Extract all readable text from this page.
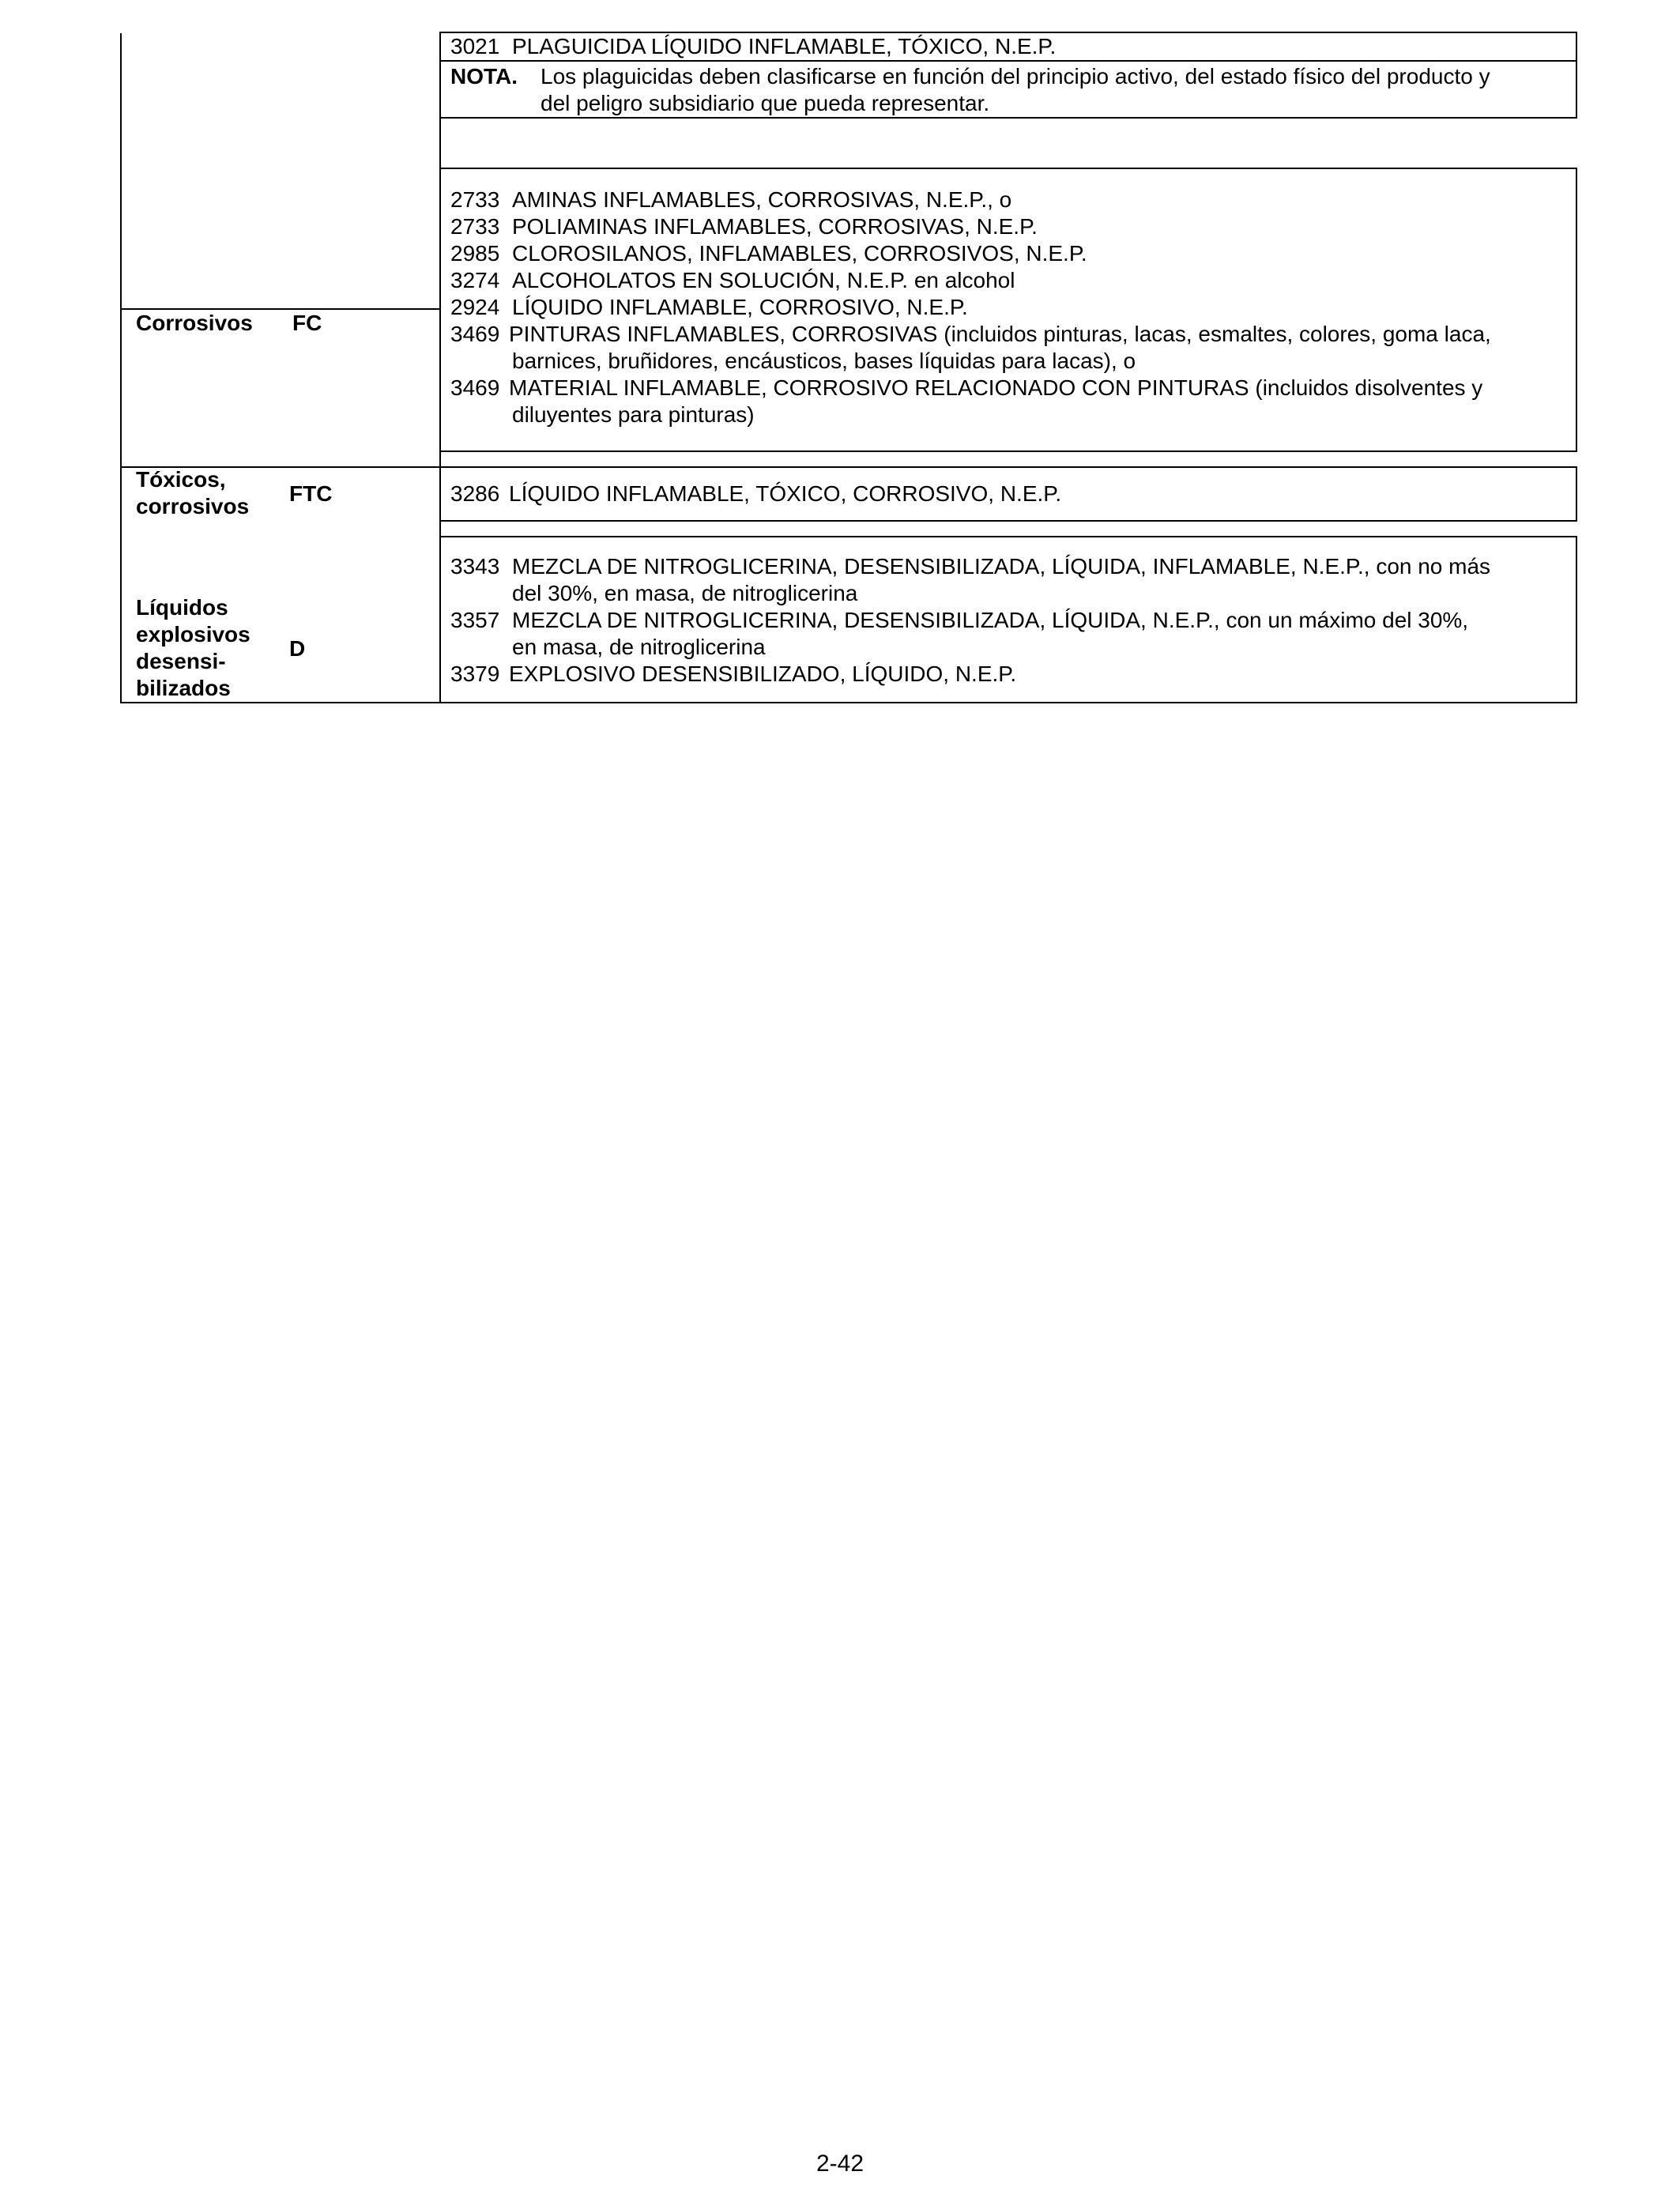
3021 PLAGUICIDA LÍQUIDO INFLAMABLE, TÓXICO, N.E.P.
NOTA. Los plaguicidas deben clasificarse en función del principio activo, del estado físico del producto y
del peligro subsidiario que pueda representar.
2733 AMINAS INFLAMABLES, CORROSIVAS, N.E.P., o
2733 POLIAMINAS INFLAMABLES, CORROSIVAS, N.E.P.
2985 CLOROSILANOS, INFLAMABLES, CORROSIVOS, N.E.P.
3274 ALCOHOLATOS EN SOLUCIÓN, N.E.P. en alcohol
2924 LÍQUIDO INFLAMABLE, CORROSIVO, N.E.P.
3469 PINTURAS INFLAMABLES, CORROSIVAS (incluidos pinturas, lacas, esmaltes, colores, goma laca,
barnices, bruñidores, encáusticos, bases líquidas para lacas), o
3469 MATERIAL INFLAMABLE, CORROSIVO RELACIONADO CON PINTURAS (incluidos disolventes y
diluyentes para pinturas)
Corrosivos FC
3286 LÍQUIDO INFLAMABLE, TÓXICO, CORROSIVO, N.E.P.
Tóxicos,
corrosivos
FTC
3343 MEZCLA DE NITROGLICERINA, DESENSIBILIZADA, LÍQUIDA, INFLAMABLE, N.E.P., con no más
del 30%, en masa, de nitroglicerina
3357 MEZCLA DE NITROGLICERINA, DESENSIBILIZADA, LÍQUIDA, N.E.P., con un máximo del 30%,
en masa, de nitroglicerina
3379 EXPLOSIVO DESENSIBILIZADO, LÍQUIDO, N.E.P.
Líquidos
explosivos
desensi-
bilizados
D
2-42
